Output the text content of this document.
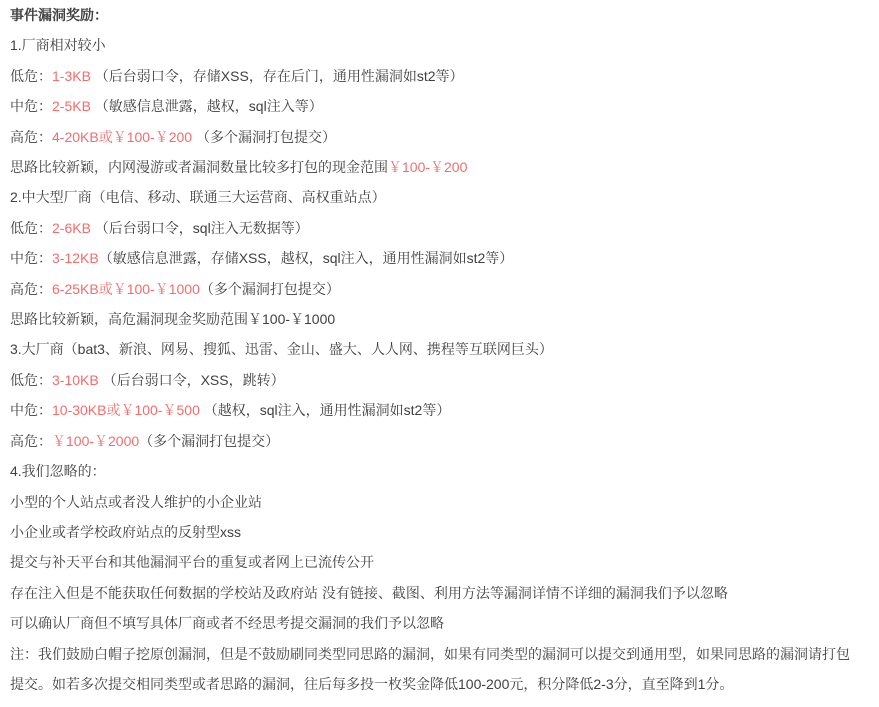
事件漏洞奖励：

1.厂商相对较小

低危：1-3KB （后台弱口令，存储XSS，存在后门，通用性漏洞如st2等）

中危：2-5KB （敏感信息泄露，越权，sql注入等）

高危：4-20KB或￥100-￥200 （多个漏洞打包提交）

思路比较新颖，内网漫游或者漏洞数量比较多打包的现金范围￥100-￥200

2.中大型厂商（电信、移动、联通三大运营商、高权重站点）

低危：2-6KB （后台弱口令，sql注入无数据等）

中危：3-12KB（敏感信息泄露，存储XSS，越权，sql注入，通用性漏洞如st2等）

高危：6-25KB或￥100-￥1000（多个漏洞打包提交）

思路比较新颖，高危漏洞现金奖励范围￥100-￥1000

3.大厂商（bat3、新浪、网易、搜狐、迅雷、金山、盛大、人人网、携程等互联网巨头）

低危：3-10KB （后台弱口令，XSS，跳转）

中危：10-30KB或￥100-￥500 （越权，sql注入，通用性漏洞如st2等）

高危：￥100-￥2000（多个漏洞打包提交）

4.我们忽略的：

小型的个人站点或者没人维护的小企业站

小企业或者学校政府站点的反射型xss

提交与补天平台和其他漏洞平台的重复或者网上已流传公开

存在注入但是不能获取任何数据的学校站及政府站 没有链接、截图、利用方法等漏洞详情不详细的漏洞我们予以忽略

可以确认厂商但不填写具体厂商或者不经思考提交漏洞的我们予以忽略

注：我们鼓励白帽子挖原创漏洞，但是不鼓励刷同类型同思路的漏洞，如果有同类型的漏洞可以提交到通用型，如果同思路的漏洞请打包提交。如若多次提交相同类型或者思路的漏洞，往后每多投一枚奖金降低100-200元，积分降低2-3分，直至降到1分。
